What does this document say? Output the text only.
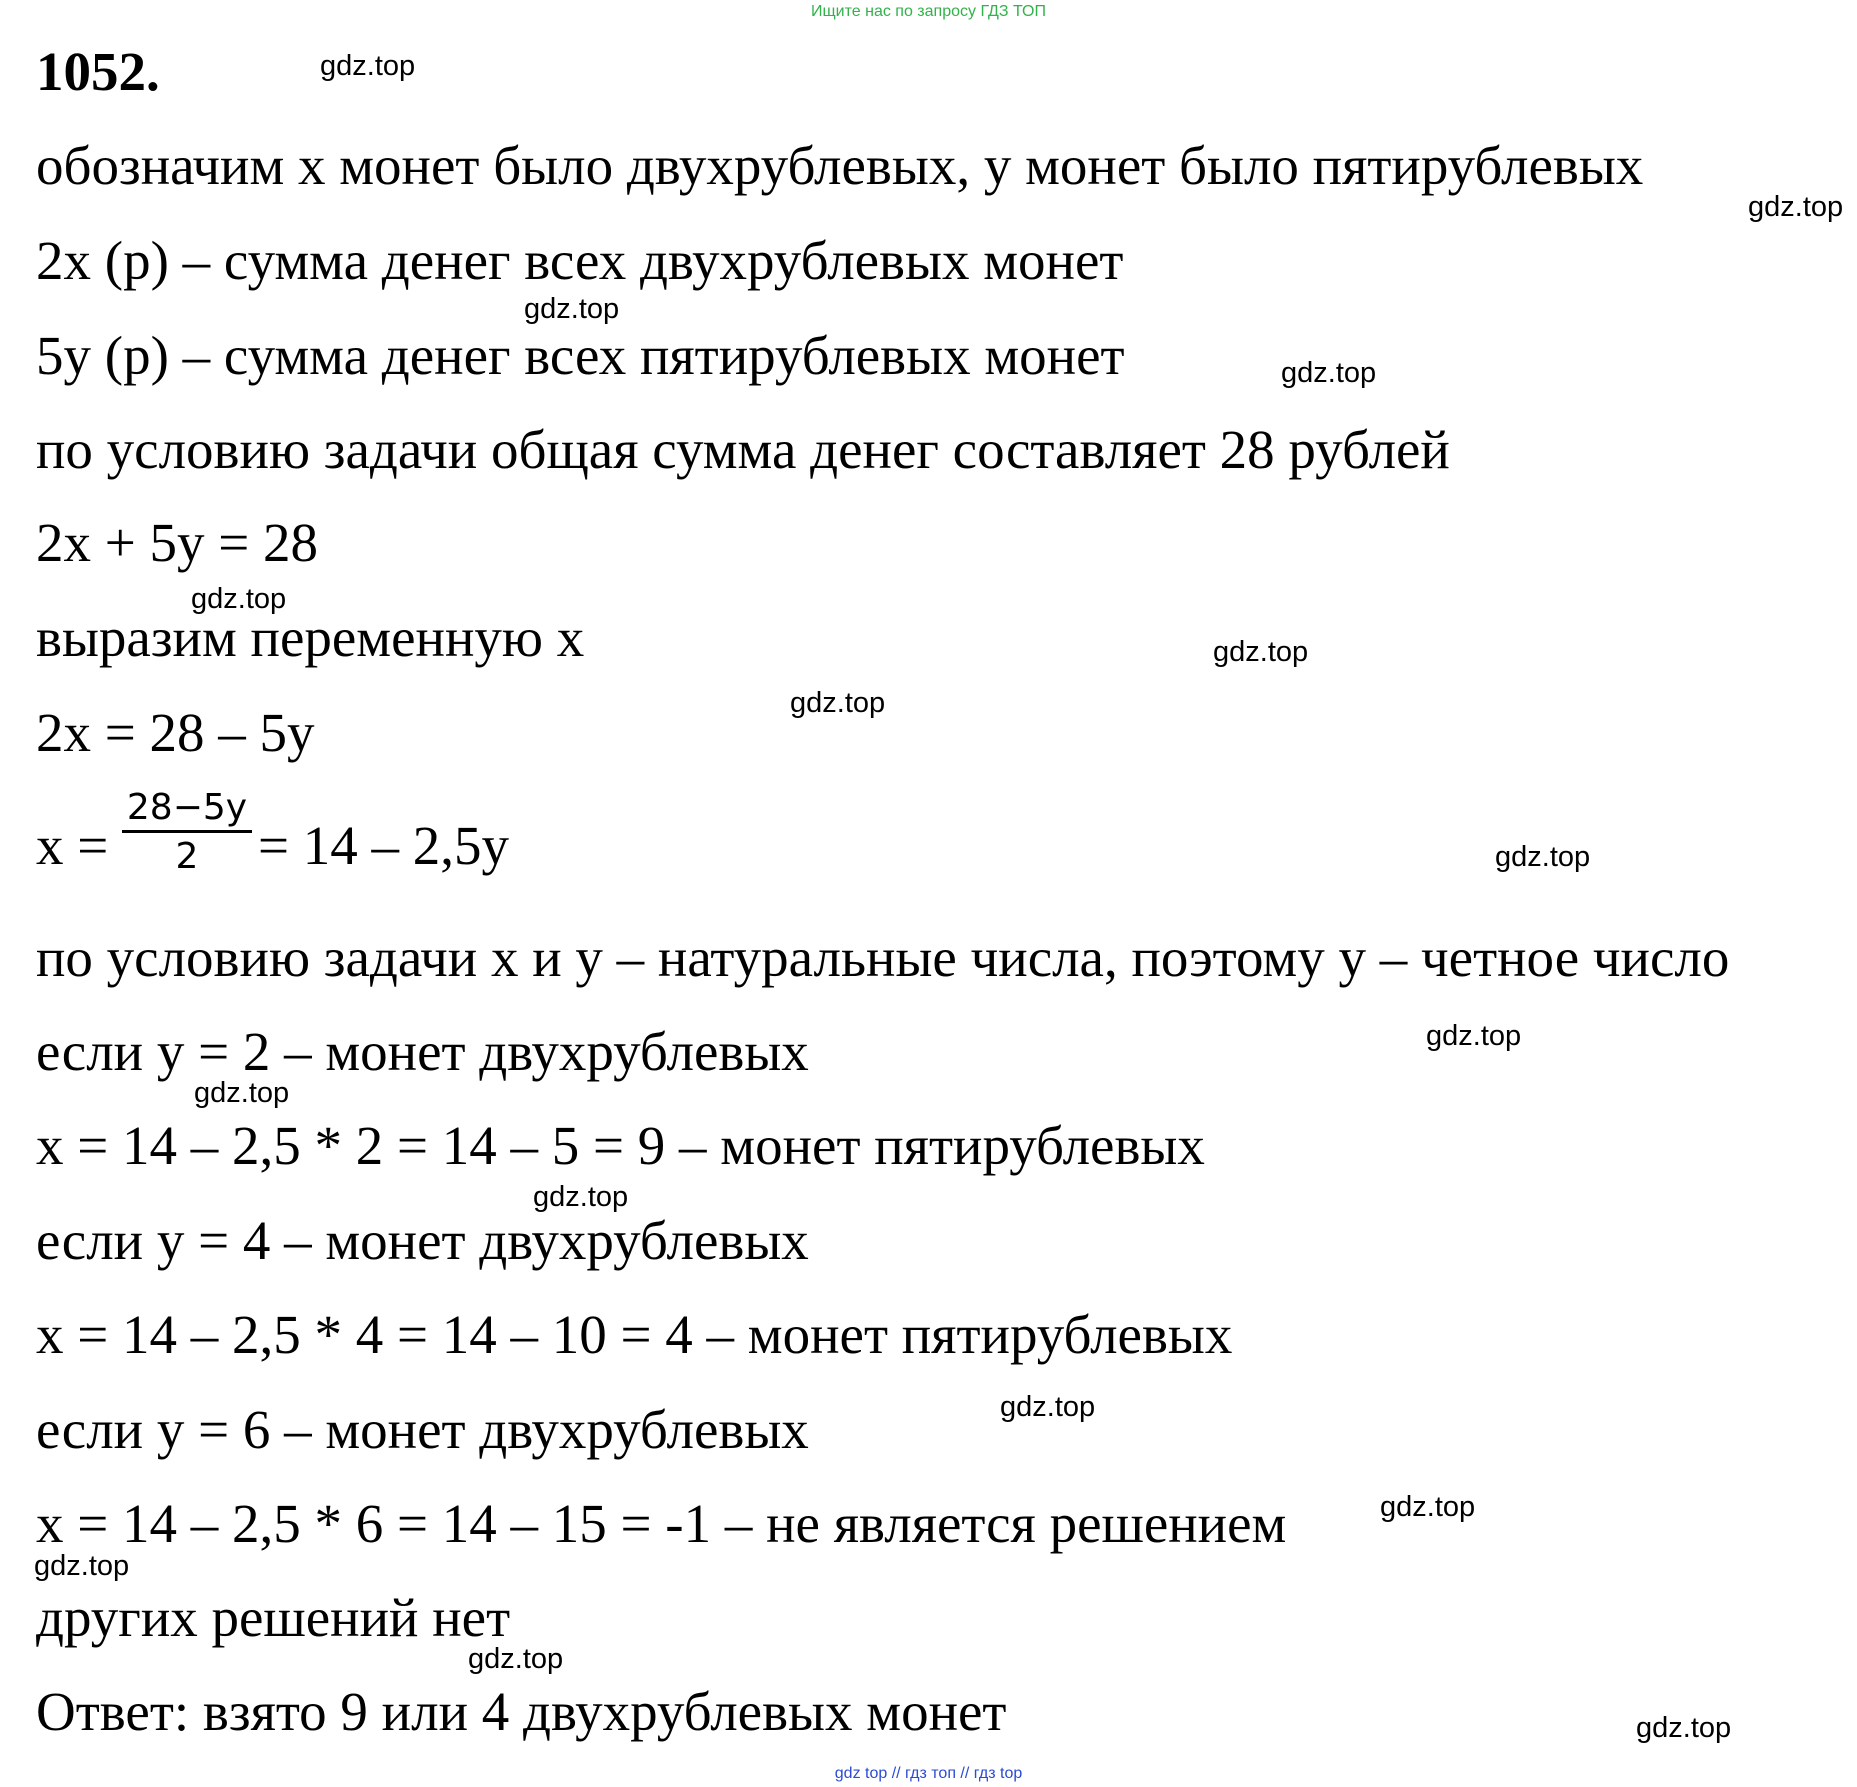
Ищите нас по запросу ГДЗ ТОП
1052.
обозначим x монет было двухрублевых, y монет было пятирублевых
2x (р) – сумма денег всех двухрублевых монет
5y (р) – сумма денег всех пятирублевых монет
по условию задачи общая сумма денег составляет 28 рублей
2x + 5y = 28
выразим переменную x
2x = 28 – 5y
$x = \frac{28-5y}{2} = 14 - 2,5y$
по условию задачи x и y – натуральные числа, поэтому y – четное число
если y = 2 – монет двухрублевых
x = 14 – 2,5 * 2 = 14 – 5 = 9 – монет пятирублевых
если y = 4 – монет двухрублевых
x = 14 – 2,5 * 4 = 14 – 10 = 4 – монет пятирублевых
если y = 6 – монет двухрублевых
x = 14 – 2,5 * 6 = 14 – 15 = -1 – не является решением
других решений нет
Ответ: взято 9 или 4 двухрублевых монет
gdz.top
gdz.top
gdz.top
gdz.top
gdz.top
gdz.top
gdz.top
gdz.top
gdz.top
gdz.top
gdz.top
gdz.top
gdz.top
gdz.top
gdz.top
gdz.top
gdz top // гдз топ // гдз top
